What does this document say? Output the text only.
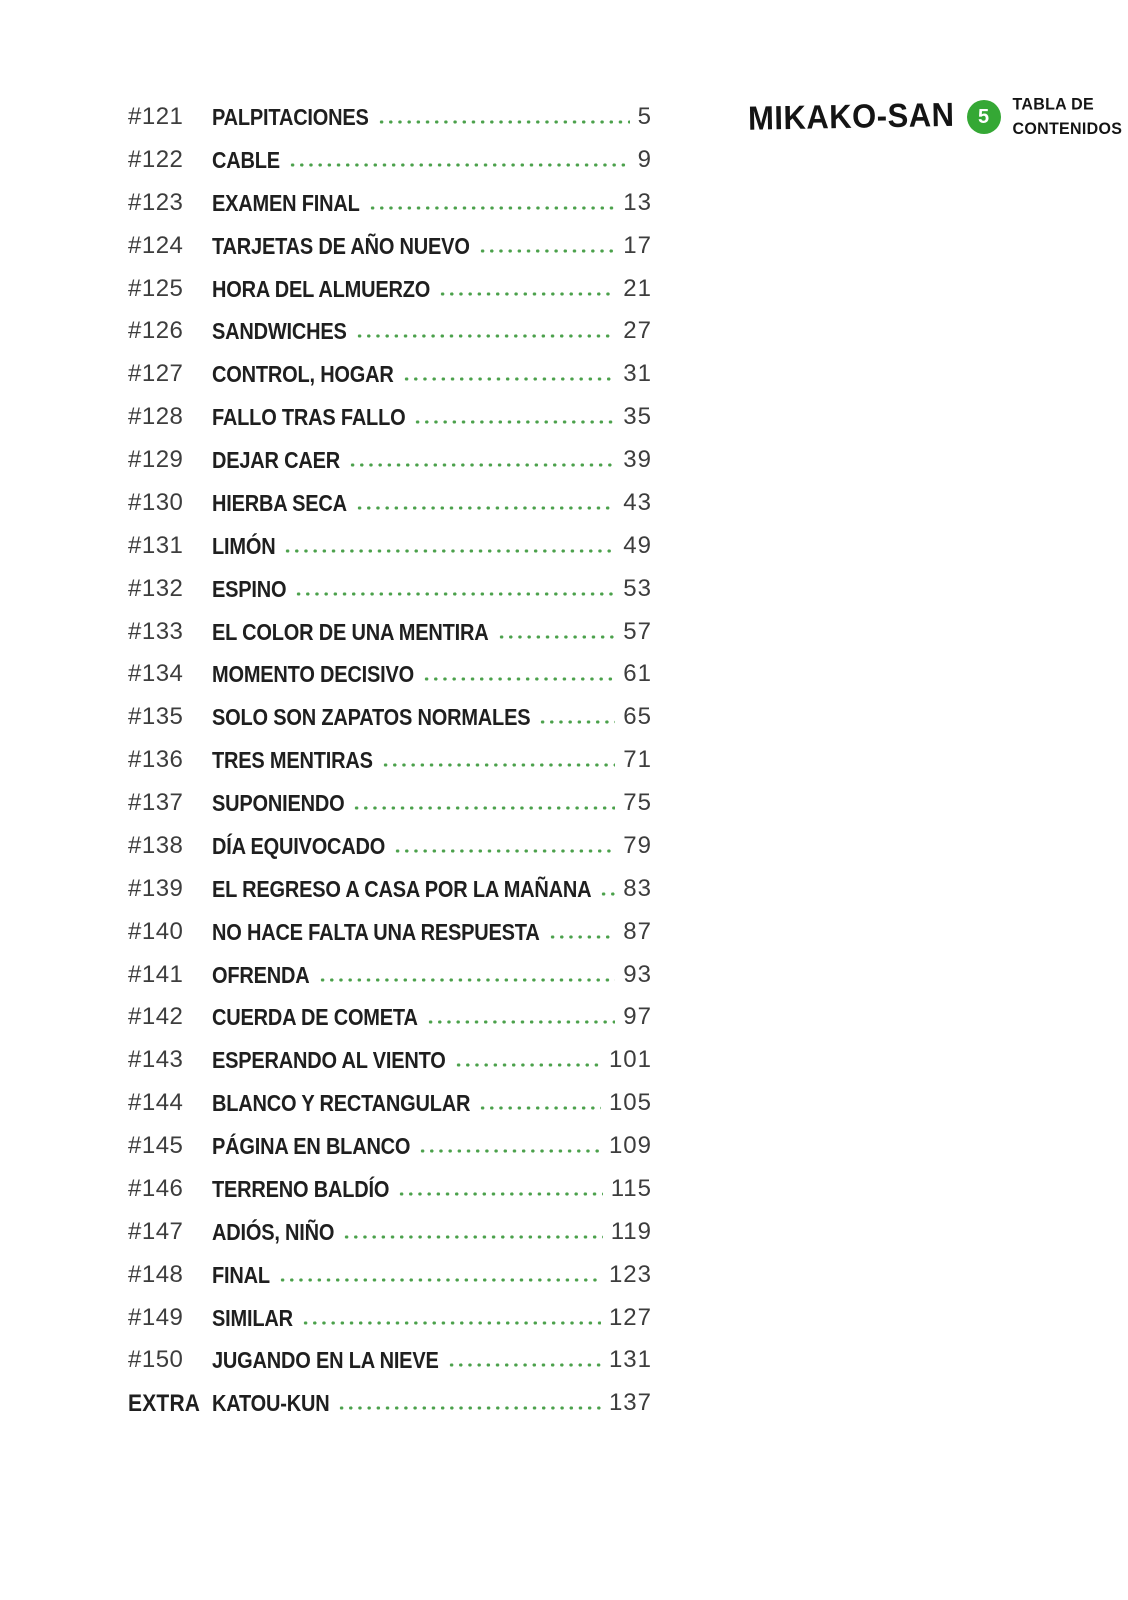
MIKAKO-SAN	5
TABLA DE
CONTENIDOS
#121	PALPITACIONES	5
#122	CABLE	9
#123	EXAMEN FINAL	13
#124	TARJETAS DE AÑO NUEVO	17
#125	HORA DEL ALMUERZO	21
#126	SANDWICHES	27
#127	CONTROL, HOGAR	31
#128	FALLO TRAS FALLO	35
#129	DEJAR CAER	39
#130	HIERBA SECA	43
#131	LIMÓN	49
#132	ESPINO	53
#133	EL COLOR DE UNA MENTIRA	57
#134	MOMENTO DECISIVO	61
#135	SOLO SON ZAPATOS NORMALES	65
#136	TRES MENTIRAS	71
#137	SUPONIENDO	75
#138	DÍA EQUIVOCADO	79
#139	EL REGRESO A CASA POR LA MAÑANA 83
#140	NO HACE FALTA UNA RESPUESTA	87
#141	OFRENDA	93
#142	CUERDA DE COMETA	97
#143	ESPERANDO AL VIENTO	101
#144	BLANCO Y RECTANGULAR	105
#145	PÁGINA EN BLANCO	109
#146	TERRENO BALDÍO	115
#147	ADIÓS, NIÑO	119
#148	FINAL	123
#149	SIMILAR	127
#150	JUGANDO EN LA NIEVE	131
EXTRA KATOU-KUN	137
